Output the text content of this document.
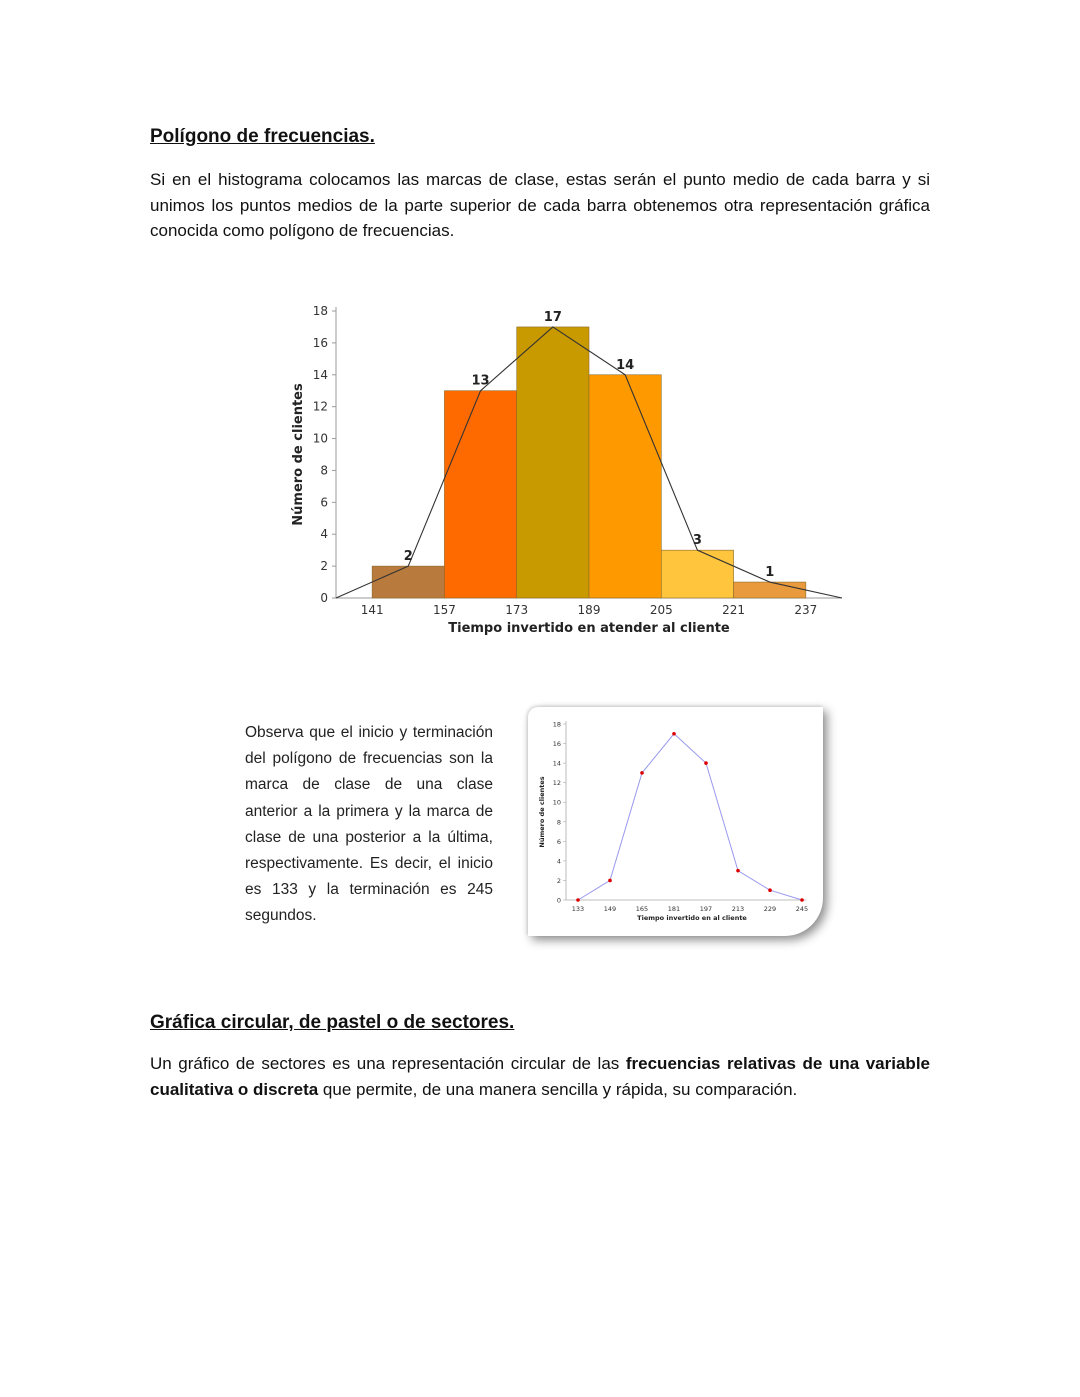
Polígono de frecuencias.

Si en el histograma colocamos las marcas de clase, estas serán el punto medio de cada barra y si unimos los puntos medios de la parte superior de cada barra obtenemos otra representación gráfica conocida como polígono de frecuencias.

0
2
4
6
8
10
12
14
16
18
141	157	173	189	205	221	237
2
13
17
14
3
1
Tiempo invertido en atender al cliente
Número de clientes

Observa que el inicio y terminación del polígono de frecuencias son la marca de clase de una clase anterior a la primera y la marca de clase de una posterior a la última, respectivamente. Es decir, el inicio es 133 y la terminación es 245 segundos.

0
2
4
6
8
10
12
14
16
18
133	149	165	181	197	213	229	245
Tiempo invertido en al cliente
Número de clientes
Gráfica circular, de pastel o de sectores.

Un gráfico de sectores es una representación circular de las frecuencias relativas de una variable cualitativa o discreta que permite, de una manera sencilla y rápida, su comparación.
